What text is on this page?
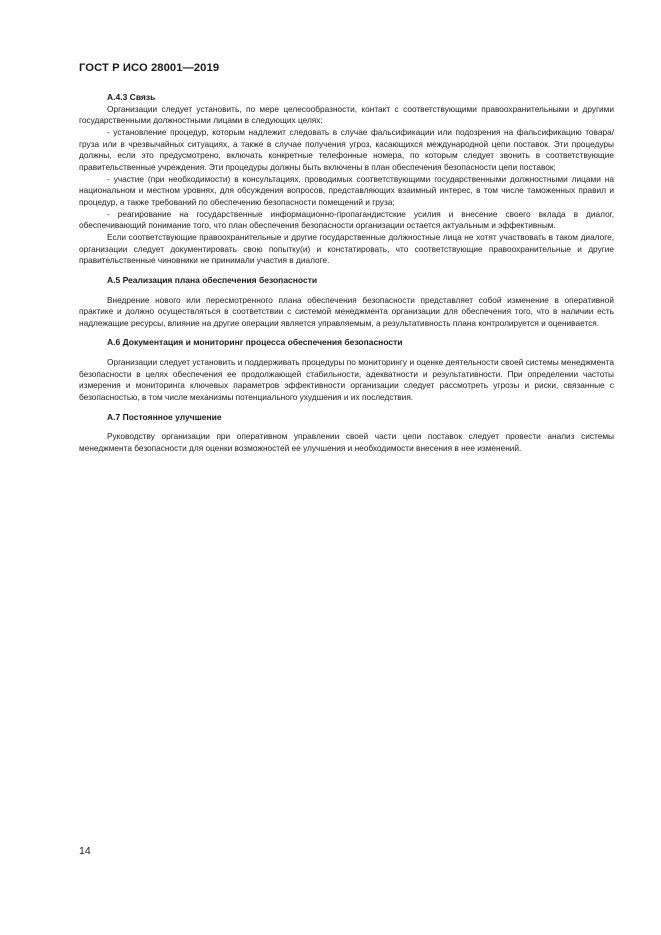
ГОСТ Р ИСО 28001—2019
А.4.3 Связь

Организации следует установить, по мере целесообразности, контакт с соответствующими правоохранительными и другими государственными должностными лицами в следующих целях:

- установление процедур, которым надлежит следовать в случае фальсификации или подозрения на фальсификацию товара/груза или в чрезвычайных ситуациях, а также в случае получения угроз, касающихся международной цепи поставок. Эти процедуры должны, если это предусмотрено, включать конкретные телефонные номера, по которым следует звонить в соответствующие правительственные учреждения. Эти процедуры должны быть включены в план обеспечения безопасности цепи поставок;

- участие (при необходимости) в консультациях, проводимых соответствующими государственными должностными лицами на национальном и местном уровнях, для обсуждения вопросов, представляющих взаимный интерес, в том числе таможенных правил и процедур, а также требований по обеспечению безопасности помещений и груза;

- реагирование на государственные информационно-пропагандистские усилия и внесение своего вклада в диалог, обеспечивающий понимание того, что план обеспечения безопасности организации остается актуальным и эффективным.

Если соответствующие правоохранительные и другие государственные должностные лица не хотят участвовать в таком диалоге, организации следует документировать свою попытку(и) и констатировать, что соответствующие правоохранительные и другие правительственные чиновники не принимали участия в диалоге.

А.5 Реализация плана обеспечения безопасности

Внедрение нового или пересмотренного плана обеспечения безопасности представляет собой изменение в оперативной практике и должно осуществляться в соответствии с системой менеджмента организации для обеспечения того, что в наличии есть надлежащие ресурсы, влияние на другие операции является управляемым, а результативность плана контролируется и оценивается.

А.6 Документация и мониторинг процесса обеспечения безопасности

Организации следует установить и поддерживать процедуры по мониторингу и оценке деятельности своей системы менеджмента безопасности в целях обеспечения ее продолжающей стабильности, адекватности и результативности. При определении частоты измерения и мониторинга ключевых параметров эффективности организации следует рассмотреть угрозы и риски, связанные с безопасностью, в том числе механизмы потенциального ухудшения и их последствия.

А.7 Постоянное улучшение

Руководству организации при оперативном управлении своей части цепи поставок следует провести анализ системы менеджмента безопасности для оценки возможностей ее улучшения и необходимости внесения в нее изменений.

14
